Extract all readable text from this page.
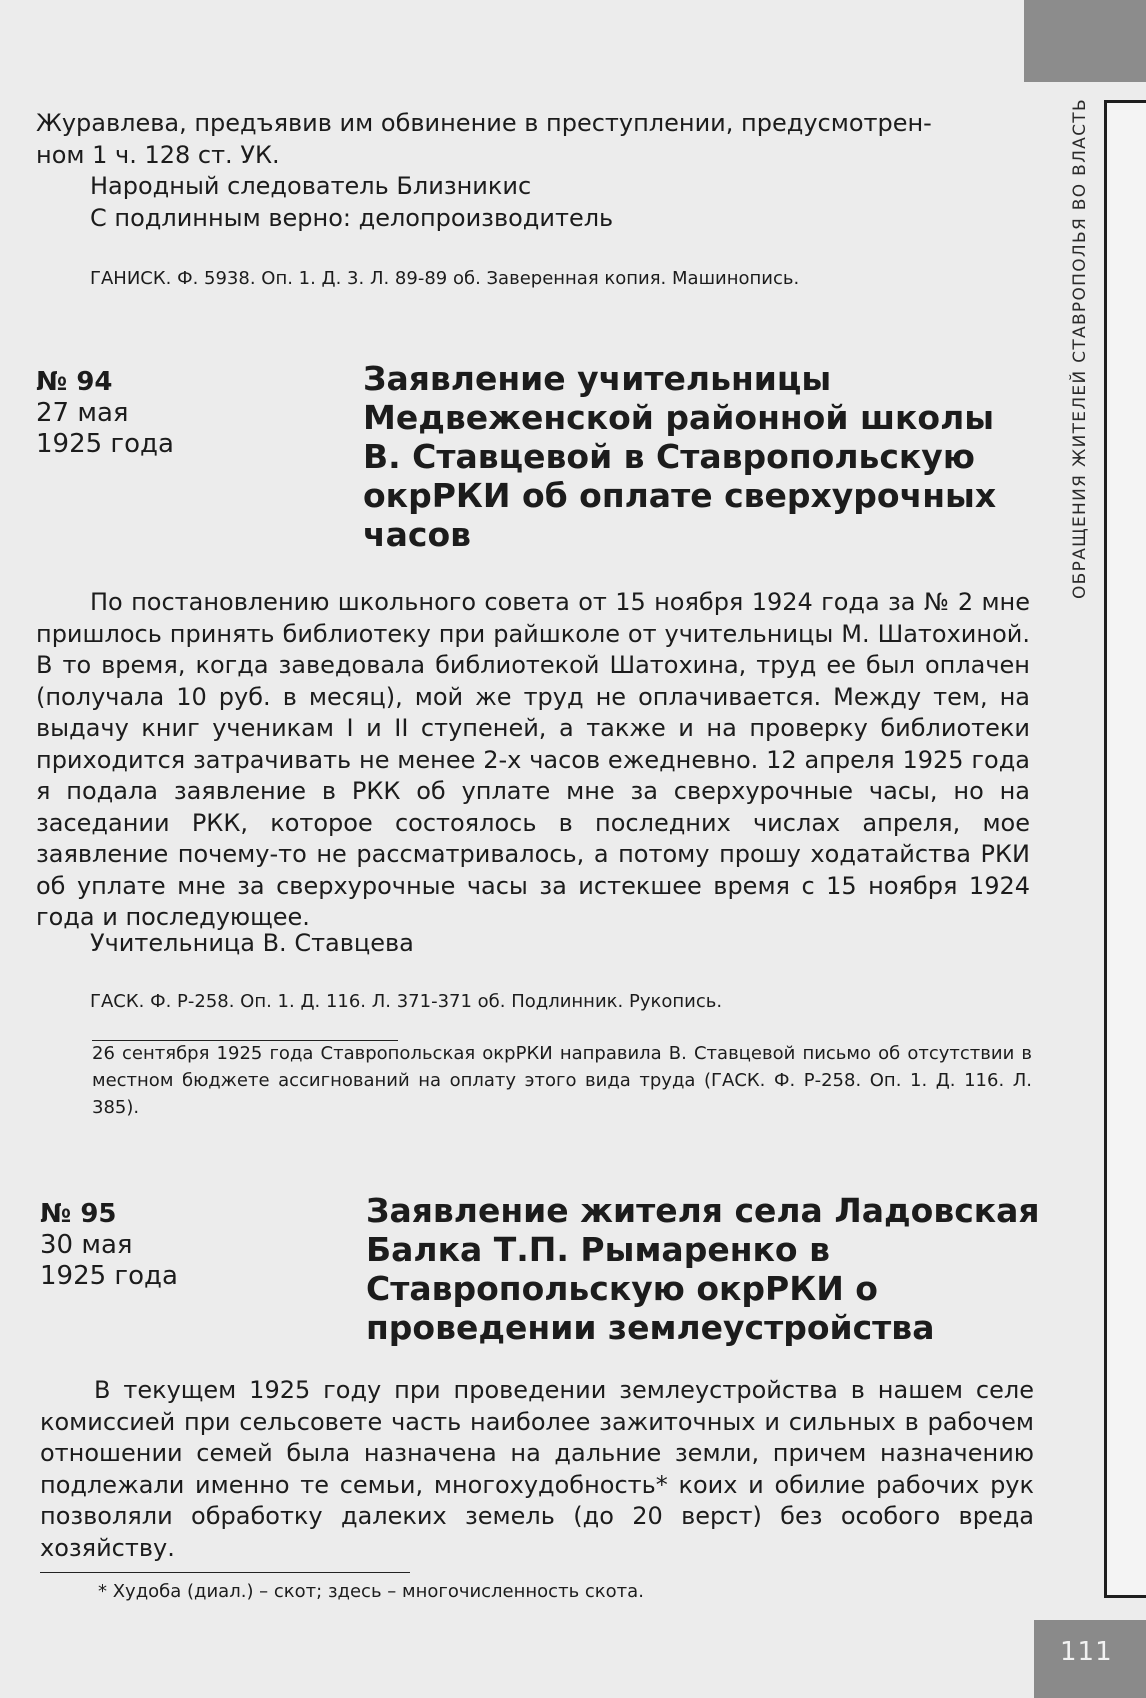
ОБРАЩЕНИЯ ЖИТЕЛЕЙ СТАВРОПОЛЬЯ ВО ВЛАСТЬ
111
Журавлева, предъявив им обвинение в преступлении, предусмотрен-
ном 1 ч. 128 ст. УК.
Народный следователь Близникис
С подлинным верно: делопроизводитель
ГАНИСК. Ф. 5938. Оп. 1. Д. 3. Л. 89-89 об. Заверенная копия. Машинопись.
№ 94
27 мая
1925 года
Заявление учительницы Медвеженской районной школы В. Ставцевой в Ставропольскую окрРКИ об оплате сверхурочных часов
По постановлению школьного совета от 15 ноября 1924 года за № 2 мне пришлось принять библиотеку при райшколе от учительницы М. Шатохиной. В то время, когда заведовала библиотекой Шатохина, труд ее был оплачен (получала 10 руб. в месяц), мой же труд не оплачивается. Между тем, на выдачу книг ученикам I и II ступеней, а также и на проверку библиотеки приходится затрачивать не менее 2-х часов ежедневно. 12 апреля 1925 года я подала заявление в РКК об уплате мне за сверхурочные часы, но на заседании РКК, которое состоялось в последних числах апреля, мое заявление почему-то не рассматривалось, а потому прошу ходатайства РКИ об уплате мне за сверхурочные часы за истекшее время с 15 ноября 1924 года и последующее.
Учительница В. Ставцева
ГАСК. Ф. Р-258. Оп. 1. Д. 116. Л. 371-371 об. Подлинник. Рукопись.
26 сентября 1925 года Ставропольская окрРКИ направила В. Ставцевой письмо об отсутствии в местном бюджете ассигнований на оплату этого вида труда (ГАСК. Ф. Р-258. Оп. 1. Д. 116. Л. 385).
№ 95
30 мая
1925 года
Заявление жителя села Ладовская Балка Т.П. Рымаренко в Ставропольскую окрРКИ о проведении землеустройства
В текущем 1925 году при проведении землеустройства в нашем селе комиссией при сельсовете часть наиболее зажиточных и сильных в рабочем отношении семей была назначена на дальние земли, причем назначению подлежали именно те семьи, многохудобность* коих и обилие рабочих рук позволяли обработку далеких земель (до 20 верст) без особого вреда хозяйству.
* Худоба (диал.) – скот; здесь – многочисленность скота.
